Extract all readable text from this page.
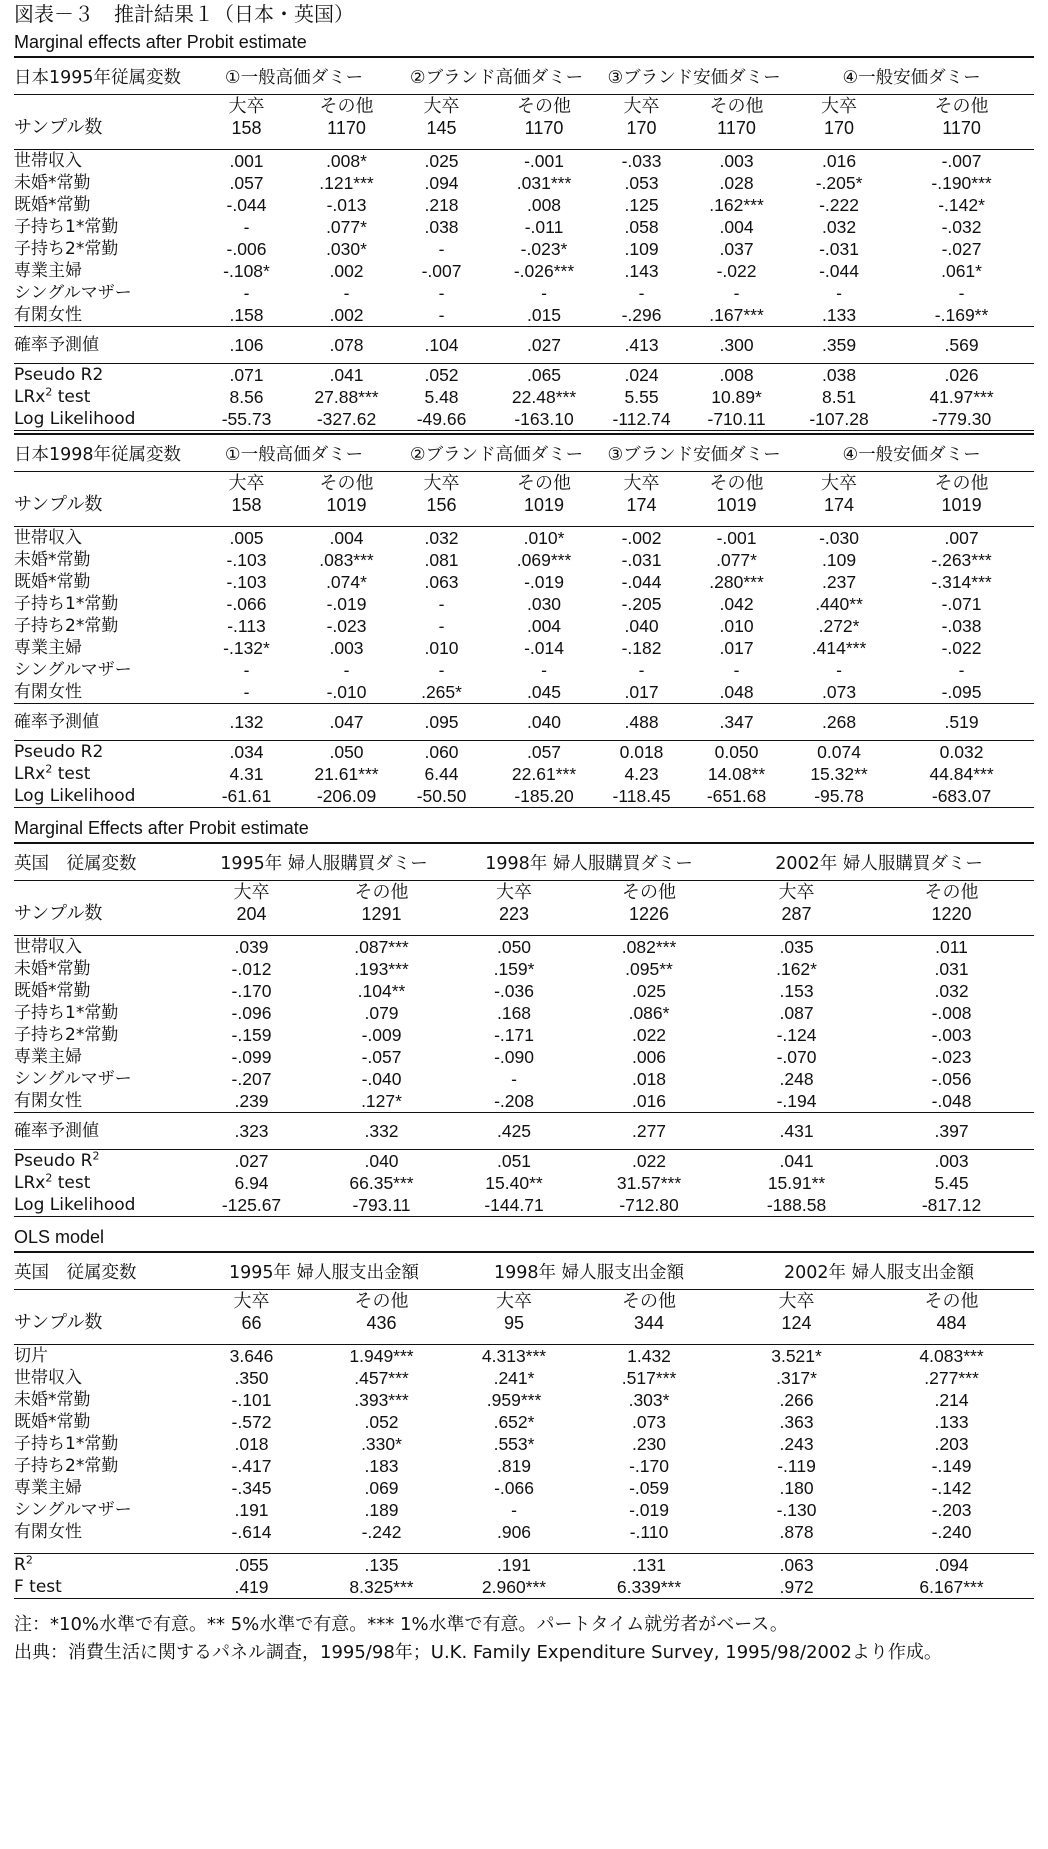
図表－３　推計結果１（日本・英国）
Marginal effects after Probit estimate
日本1995年従属変数	①一般高価ダミー		②ブランド高価ダミー		③ブランド安価ダミー		④一般安価ダミー	
	大卒	その他	大卒	その他	大卒	その他	大卒	その他
サンプル数	158	1170	145	1170	170	1170	170	1170

世帯収入	.001	.008*	.025	-.001	-.033	.003	.016	-.007
未婚*常勤	.057	.121***	.094	.031***	.053	.028	-.205*	-.190***
既婚*常勤	-.044	-.013	.218	.008	.125	.162***	-.222	-.142*
子持ち1*常勤	-	.077*	.038	-.011	.058	.004	.032	-.032
子持ち2*常勤	-.006	.030*	-	-.023*	.109	.037	-.031	-.027
専業主婦	-.108*	.002	-.007	-.026***	.143	-.022	-.044	.061*
シングルマザー	-	-	-	-	-	-	-	-
有閑女性	.158	.002	-	.015	-.296	.167***	.133	-.169**
確率予測値	.106	.078	.104	.027	.413	.300	.359	.569
Pseudo R2	.071	.041	.052	.065	.024	.008	.038	.026
LRx$^2$ test	8.56	27.88***	5.48	22.48***	5.55	10.89*	8.51	41.97***
Log Likelihood	-55.73	-327.62	-49.66	-163.10	-112.74	-710.11	-107.28	-779.30

日本1998年従属変数	①一般高価ダミー		②ブランド高価ダミー		③ブランド安価ダミー		④一般安価ダミー	
	大卒	その他	大卒	その他	大卒	その他	大卒	その他
サンプル数	158	1019	156	1019	174	1019	174	1019

世帯収入	.005	.004	.032	.010*	-.002	-.001	-.030	.007
未婚*常勤	-.103	.083***	.081	.069***	-.031	.077*	.109	-.263***
既婚*常勤	-.103	.074*	.063	-.019	-.044	.280***	.237	-.314***
子持ち1*常勤	-.066	-.019	-	.030	-.205	.042	.440**	-.071
子持ち2*常勤	-.113	-.023	-	.004	.040	.010	.272*	-.038
専業主婦	-.132*	.003	.010	-.014	-.182	.017	.414***	-.022
シングルマザー	-	-	-	-	-	-	-	-
有閑女性	-	-.010	.265*	.045	.017	.048	.073	-.095
確率予測値	.132	.047	.095	.040	.488	.347	.268	.519
Pseudo R2	.034	.050	.060	.057	0.018	0.050	0.074	0.032
LRx$^2$ test	4.31	21.61***	6.44	22.61***	4.23	14.08**	15.32**	44.84***
Log Likelihood	-61.61	-206.09	-50.50	-185.20	-118.45	-651.68	-95.78	-683.07

Marginal Effects after Probit estimate
英国　従属変数	1995年 婦人服購買ダミー		1998年 婦人服購買ダミー		2002年 婦人服購買ダミー	
	大卒	その他	大卒	その他	大卒	その他
サンプル数	204	1291	223	1226	287	1220

世帯収入	.039	.087***	.050	.082***	.035	.011
未婚*常勤	-.012	.193***	.159*	.095**	.162*	.031
既婚*常勤	-.170	.104**	-.036	.025	.153	.032
子持ち1*常勤	-.096	.079	.168	.086*	.087	-.008
子持ち2*常勤	-.159	-.009	-.171	.022	-.124	-.003
専業主婦	-.099	-.057	-.090	.006	-.070	-.023
シングルマザー	-.207	-.040	-	.018	.248	-.056
有閑女性	.239	.127*	-.208	.016	-.194	-.048
確率予測値	.323	.332	.425	.277	.431	.397
Pseudo $R^2$	.027	.040	.051	.022	.041	.003
LRx$^2$ test	6.94	66.35***	15.40**	31.57***	15.91**	5.45
Log Likelihood	-125.67	-793.11	-144.71	-712.80	-188.58	-817.12

OLS model
英国　従属変数	1995年 婦人服支出金額		1998年 婦人服支出金額		2002年 婦人服支出金額	
	大卒	その他	大卒	その他	大卒	その他
サンプル数	66	436	95	344	124	484

切片	3.646	1.949***	4.313***	1.432	3.521*	4.083***
世帯収入	.350	.457***	.241*	.517***	.317*	.277***
未婚*常勤	-.101	.393***	.959***	.303*	.266	.214
既婚*常勤	-.572	.052	.652*	.073	.363	.133
子持ち1*常勤	.018	.330*	.553*	.230	.243	.203
子持ち2*常勤	-.417	.183	.819	-.170	-.119	-.149
専業主婦	-.345	.069	-.066	-.059	.180	-.142
シングルマザー	.191	.189	-	-.019	-.130	-.203
有閑女性	-.614	-.242	.906	-.110	.878	-.240

$R^2$	.055	.135	.191	.131	.063	.094
F test	.419	8.325***	2.960***	6.339***	.972	6.167***

注：*10%水準で有意。** 5%水準で有意。*** 1%水準で有意。パートタイム就労者がベース。
出典：消費生活に関するパネル調査，1995/98年；U.K. Family Expenditure Survey, 1995/98/2002より作成。
